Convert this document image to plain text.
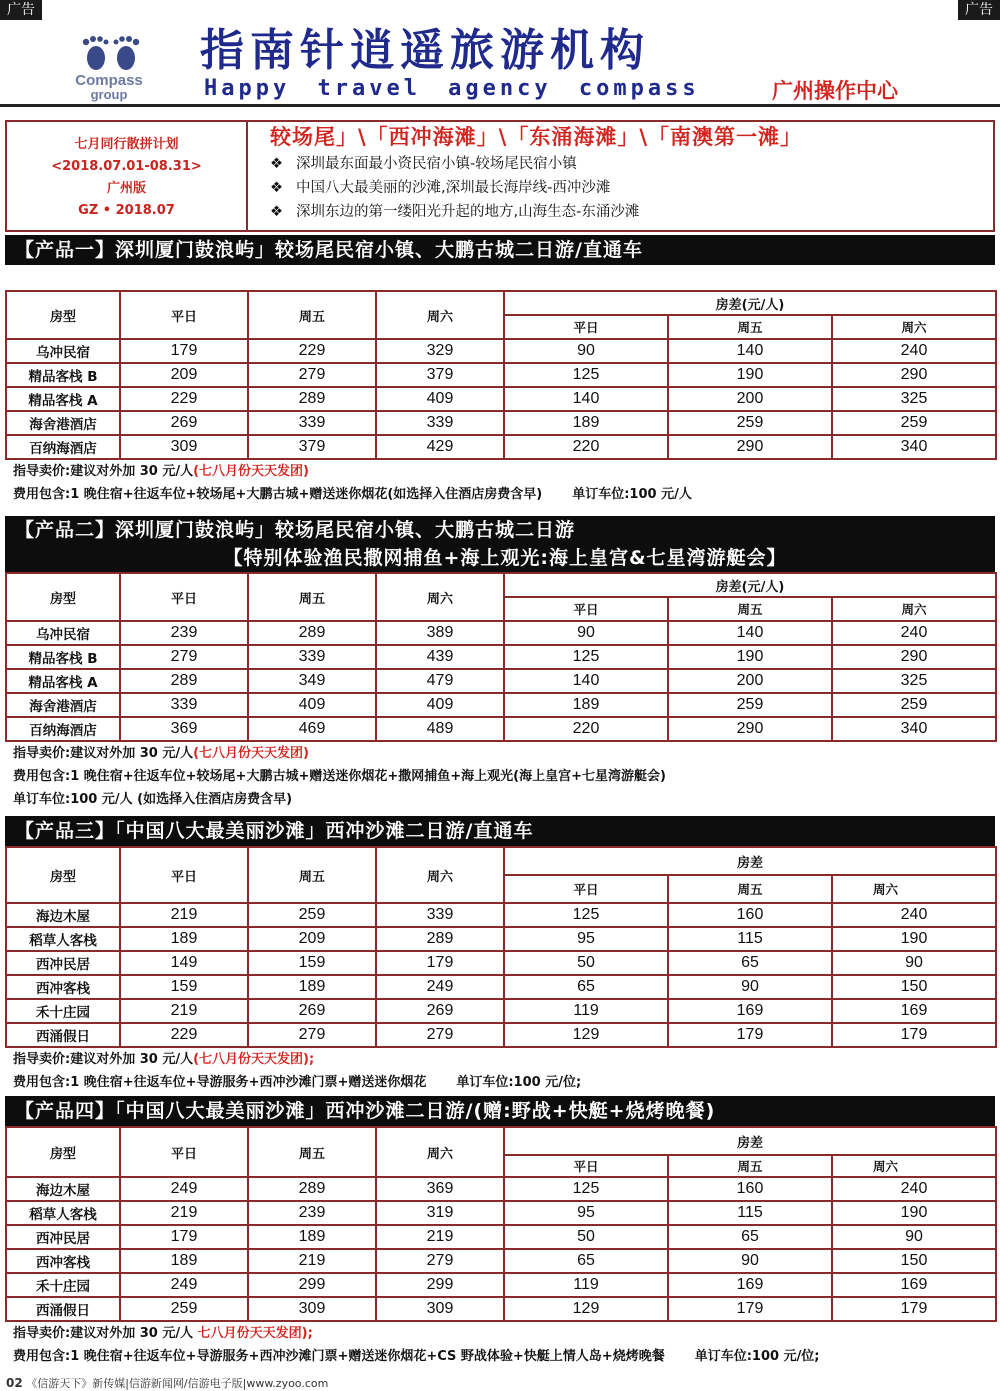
广告	广告
Compass
group
指南针逍遥旅游机构
Happy travel agency compass	广州操作中心
七月同行散拼计划
<2018.07.01-08.31>
广州版
GZ • 2018.07
较场尾」\「西冲海滩」\「东涌海滩」\「南澳第一滩」
❖ 深圳最东面最小资民宿小镇-较场尾民宿小镇
❖ 中国八大最美丽的沙滩,深圳最长海岸线-西冲沙滩
❖ 深圳东边的第一缕阳光升起的地方,山海生态-东涌沙滩
【产品一】深圳厦门鼓浪屿」较场尾民宿小镇、大鹏古城二日游/直通车
房型	平日	周五	周六	房差(元/人)		
				平日	周五	周六
乌冲民宿	179	229	329	90	140	240
精品客栈 B	209	279	379	125	190	290
精品客栈 A	229	289	409	140	200	325
海舍港酒店	269	339	339	189	259	259
百纳海酒店	309	379	429	220	290	340
指导卖价:建议对外加 30 元/人(七八月份天天发团)
费用包含:1 晚住宿+往返车位+较场尾+大鹏古城+赠送迷你烟花(如选择入住酒店房费含早) 单订车位:100 元/人
【产品二】深圳厦门鼓浪屿」较场尾民宿小镇、大鹏古城二日游
【特别体验渔民撒网捕鱼+海上观光:海上皇宫&七星湾游艇会】
房型	平日	周五	周六	房差(元/人)		
				平日	周五	周六
乌冲民宿	239	289	389	90	140	240
精品客栈 B	279	339	439	125	190	290
精品客栈 A	289	349	479	140	200	325
海舍港酒店	339	409	409	189	259	259
百纳海酒店	369	469	489	220	290	340
指导卖价:建议对外加 30 元/人(七八月份天天发团)
费用包含:1 晚住宿+往返车位+较场尾+大鹏古城+赠送迷你烟花+撒网捕鱼+海上观光(海上皇宫+七星湾游艇会)
单订车位:100 元/人 (如选择入住酒店房费含早)
【产品三】「中国八大最美丽沙滩」西冲沙滩二日游/直通车
房型	平日	周五	周六	房差		
				平日	周五	周六
海边木屋	219	259	339	125	160	240
稻草人客栈	189	209	289	95	115	190
西冲民居	149	159	179	50	65	90
西冲客栈	159	189	249	65	90	150
禾十庄园	219	269	269	119	169	169
西涌假日	229	279	279	129	179	179
指导卖价:建议对外加 30 元/人(七八月份天天发团);
费用包含:1 晚住宿+往返车位+导游服务+西冲沙滩门票+赠送迷你烟花 单订车位:100 元/位;
【产品四】「中国八大最美丽沙滩」西冲沙滩二日游/(赠:野战+快艇+烧烤晚餐)
房型	平日	周五	周六	房差		
				平日	周五	周六
海边木屋	249	289	369	125	160	240
稻草人客栈	219	239	319	95	115	190
西冲民居	179	189	219	50	65	90
西冲客栈	189	219	279	65	90	150
禾十庄园	249	299	299	119	169	169
西涌假日	259	309	309	129	179	179
指导卖价:建议对外加 30 元/人 七八月份天天发团);
费用包含:1 晚住宿+往返车位+导游服务+西冲沙滩门票+赠送迷你烟花+CS 野战体验+快艇上情人岛+烧烤晚餐 单订车位:100 元/位;
02 《信游天下》新传媒|信游新闻网/信游电子版|www.zyoo.com
